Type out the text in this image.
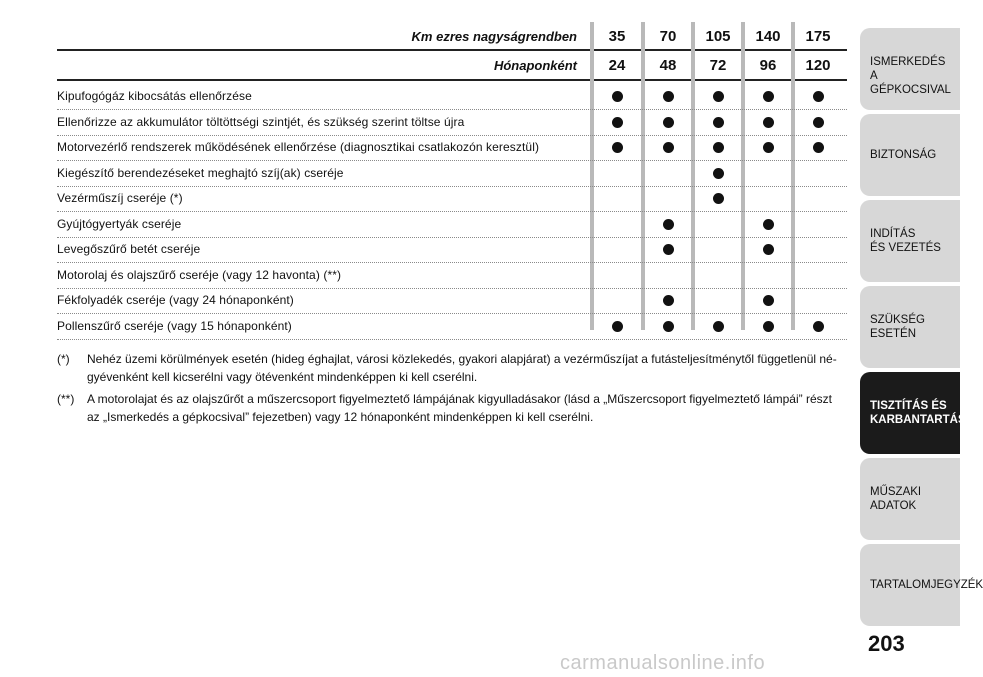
Km ezres nagyságrendben
Hónaponként
35
24
70
48
105
72
140
96
175
120
Kipufogógáz kibocsátás ellenőrzése
Ellenőrizze az akkumulátor töltöttségi szintjét, és szükség szerint töltse újra
Motorvezérlő rendszerek működésének ellenőrzése (diagnosztikai csatlakozón keresztül)
Kiegészítő berendezéseket meghajtó szíj(ak) cseréje
Vezérműszíj cseréje (*)
Gyújtógyertyák cseréje
Levegőszűrő betét cseréje
Motorolaj és olajszűrő cseréje (vagy 12 havonta) (**)
Fékfolyadék cseréje (vagy 24 hónaponként)
Pollenszűrő cseréje (vagy 15 hónaponként)
(*) Nehéz üzemi körülmények esetén (hideg éghajlat, városi közlekedés, gyakori alapjárat) a vezérműszíjat a futásteljesítménytől függetlenül né-gyévenként kell kicserélni vagy ötévenként mindenképpen ki kell cserélni.
(**) A motorolajat és az olajszűrőt a műszercsoport figyelmeztető lámpájának kigyulladásakor (lásd a „Műszercsoport figyelmeztető lámpái” részt az „Ismerkedés a gépkocsival” fejezetben) vagy 12 hónaponként mindenképpen ki kell cserélni.
ISMERKEDÉS
A GÉPKOCSIVAL
BIZTONSÁG
INDÍTÁS
ÉS VEZETÉS
SZÜKSÉG
ESETÉN
TISZTÍTÁS ÉS
KARBANTARTÁS
MŰSZAKI
ADATOK
TARTALOMJEGYZÉK
203
carmanualsonline.info
